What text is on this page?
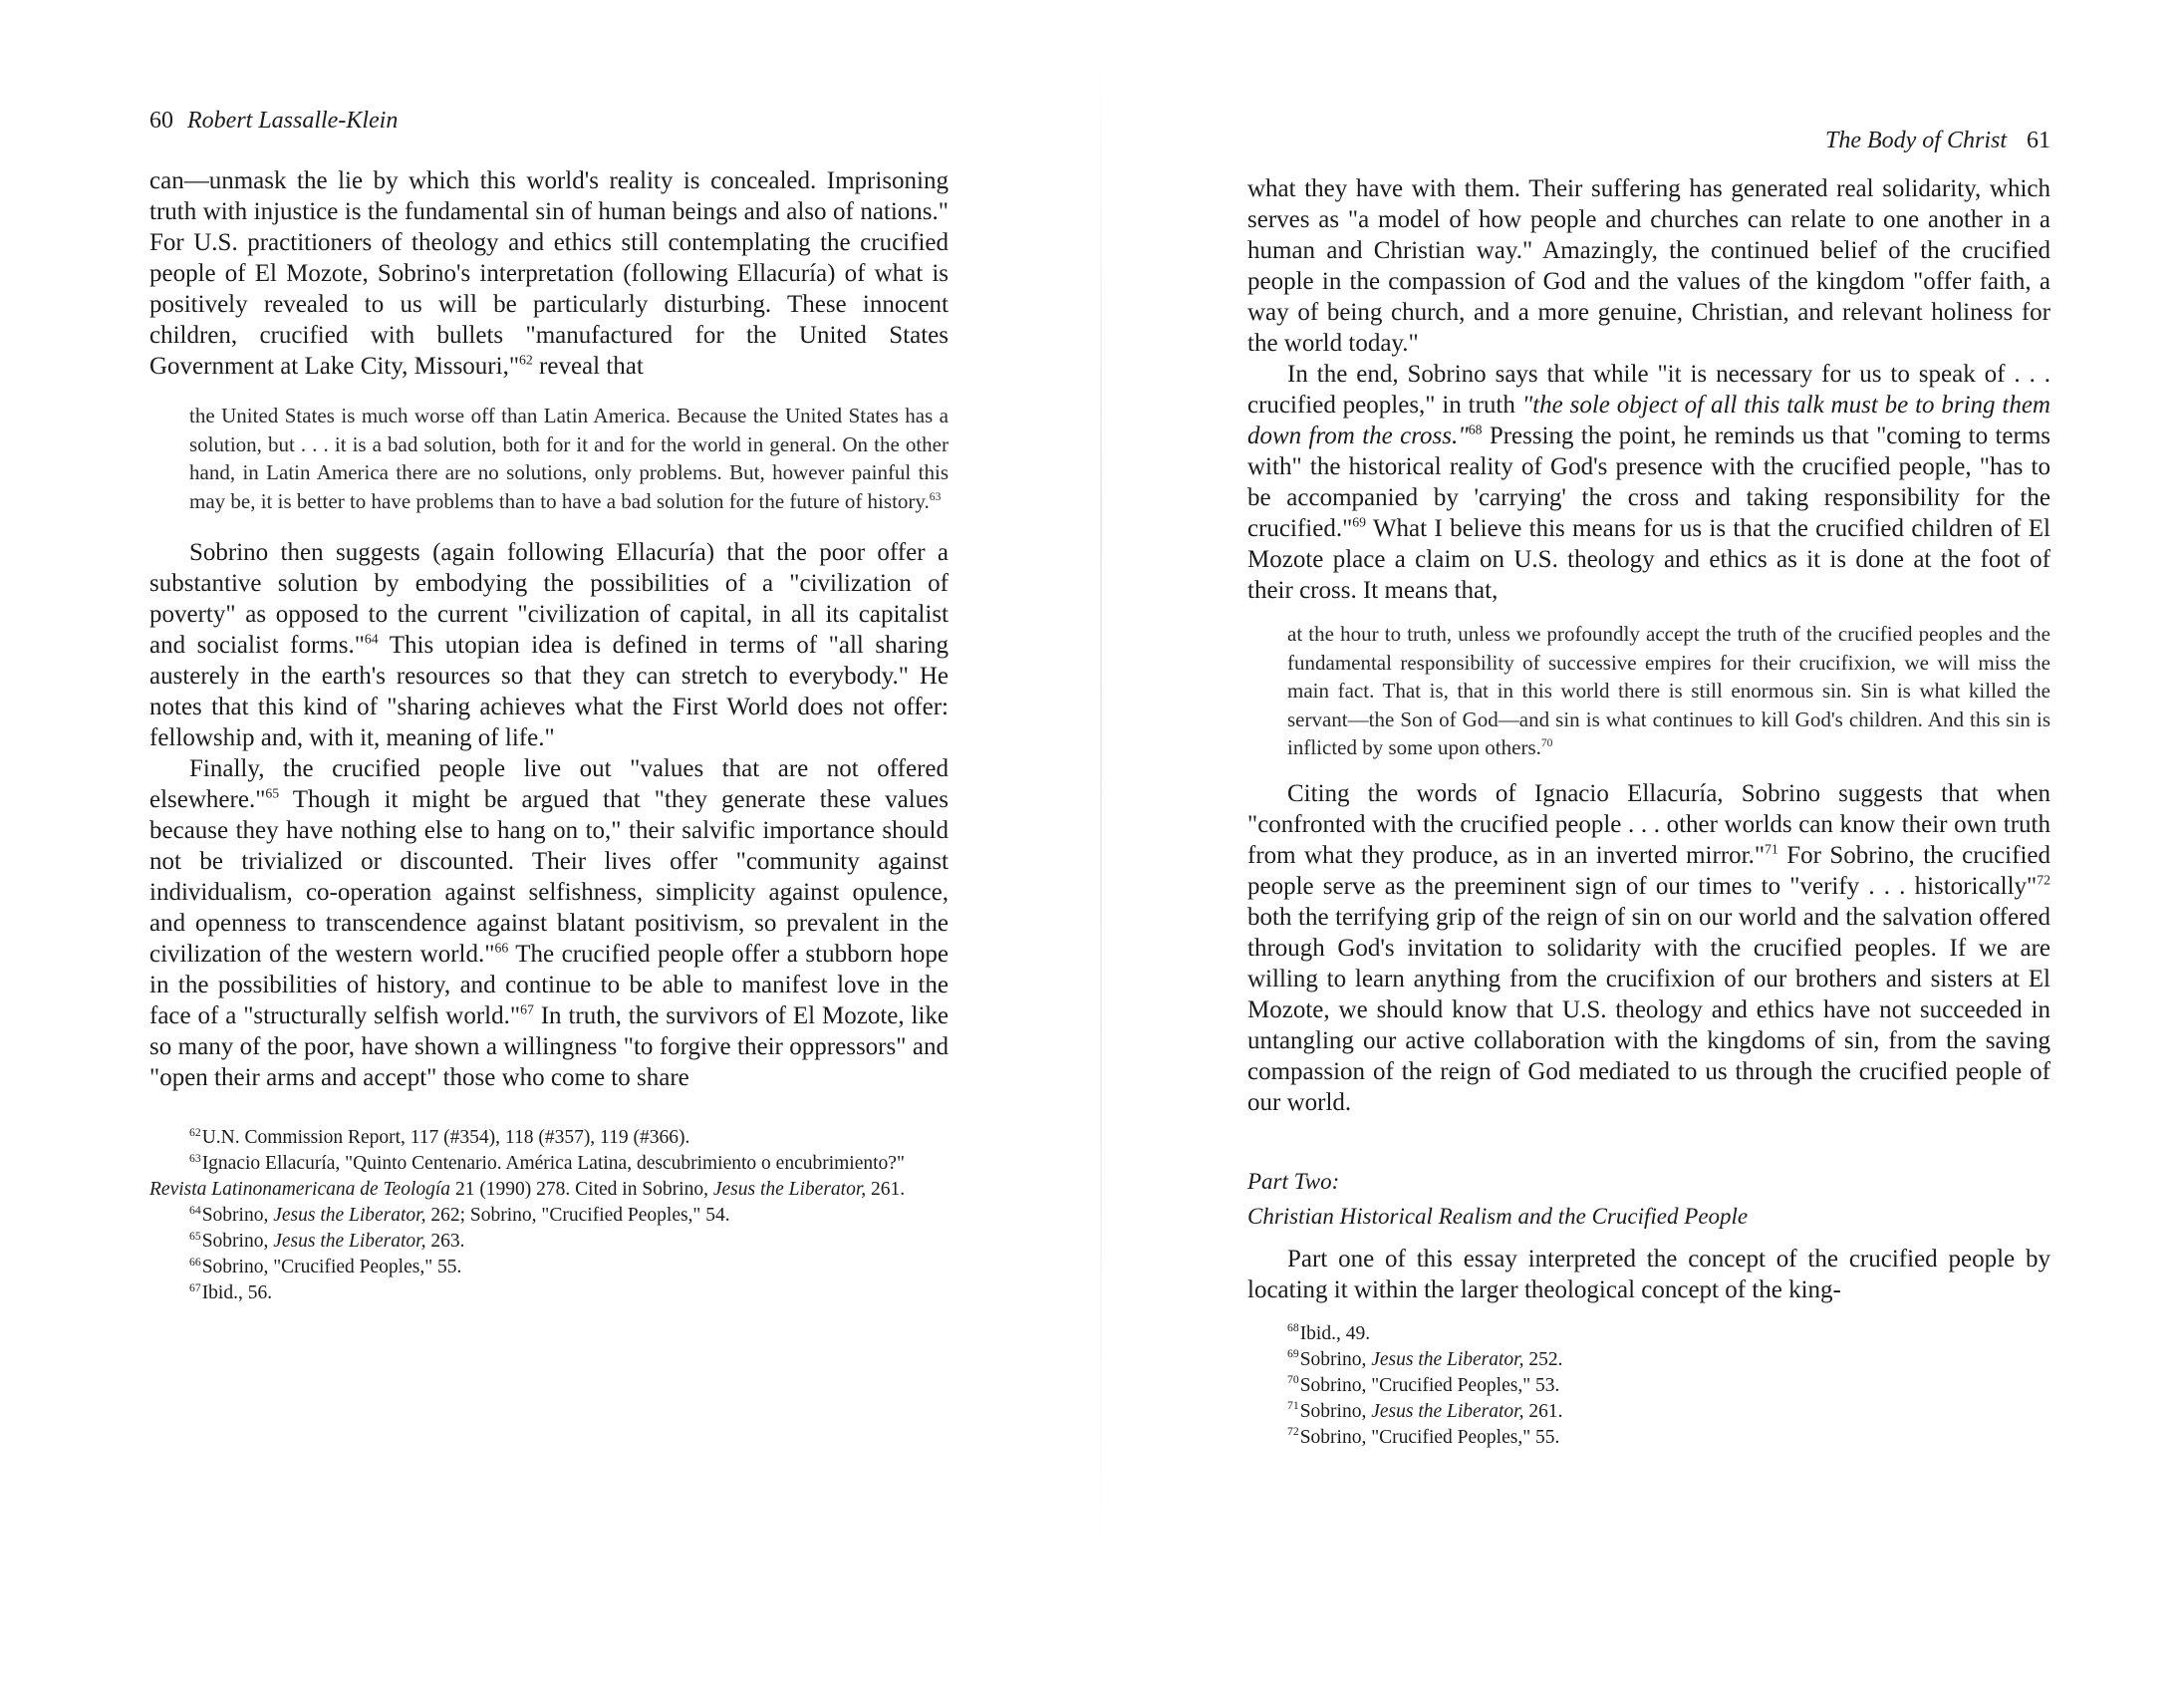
60 Robert Lassalle-Klein

can—unmask the lie by which this world's reality is concealed. Imprisoning truth with injustice is the fundamental sin of human beings and also of nations." For U.S. practitioners of theology and ethics still contemplating the crucified people of El Mozote, Sobrino's interpretation (following Ellacuría) of what is positively revealed to us will be particularly disturbing. These innocent children, crucified with bullets "manufactured for the United States Government at Lake City, Missouri,"$^{62}$ reveal that

the United States is much worse off than Latin America. Because the United States has a solution, but . . . it is a bad solution, both for it and for the world in general. On the other hand, in Latin America there are no solutions, only problems. But, however painful this may be, it is better to have problems than to have a bad solution for the future of history.$^{63}$

Sobrino then suggests (again following Ellacuría) that the poor offer a substantive solution by embodying the possibilities of a "civilization of poverty" as opposed to the current "civilization of capital, in all its capitalist and socialist forms."$^{64}$ This utopian idea is defined in terms of "all sharing austerely in the earth's resources so that they can stretch to everybody." He notes that this kind of "sharing achieves what the First World does not offer: fellowship and, with it, meaning of life."

Finally, the crucified people live out "values that are not offered elsewhere."$^{65}$ Though it might be argued that "they generate these values because they have nothing else to hang on to," their salvific importance should not be trivialized or discounted. Their lives offer "community against individualism, co-operation against selfishness, simplicity against opulence, and openness to transcendence against blatant positivism, so prevalent in the civilization of the western world."$^{66}$ The crucified people offer a stubborn hope in the possibilities of history, and continue to be able to manifest love in the face of a "structurally selfish world."$^{67}$ In truth, the survivors of El Mozote, like so many of the poor, have shown a willingness "to forgive their oppressors" and "open their arms and accept" those who come to share

$^{62}$U.N. Commission Report, 117 (#354), 118 (#357), 119 (#366).
$^{63}$Ignacio Ellacuría, "Quinto Centenario. América Latina, descubrimiento o encubrimiento?" Revista Latinonamericana de Teología 21 (1990) 278. Cited in Sobrino, Jesus the Liberator, 261.
$^{64}$Sobrino, Jesus the Liberator, 262; Sobrino, "Crucified Peoples," 54.
$^{65}$Sobrino, Jesus the Liberator, 263.
$^{66}$Sobrino, "Crucified Peoples," 55.
$^{67}$Ibid., 56.
The Body of Christ 61

what they have with them. Their suffering has generated real solidarity, which serves as "a model of how people and churches can relate to one another in a human and Christian way." Amazingly, the continued belief of the crucified people in the compassion of God and the values of the kingdom "offer faith, a way of being church, and a more genuine, Christian, and relevant holiness for the world today."

In the end, Sobrino says that while "it is necessary for us to speak of . . . crucified peoples," in truth "the sole object of all this talk must be to bring them down from the cross."$^{68}$ Pressing the point, he reminds us that "coming to terms with" the historical reality of God's presence with the crucified people, "has to be accompanied by 'carrying' the cross and taking responsibility for the crucified."$^{69}$ What I believe this means for us is that the crucified children of El Mozote place a claim on U.S. theology and ethics as it is done at the foot of their cross. It means that,

at the hour to truth, unless we profoundly accept the truth of the crucified peoples and the fundamental responsibility of successive empires for their crucifixion, we will miss the main fact. That is, that in this world there is still enormous sin. Sin is what killed the servant—the Son of God—and sin is what continues to kill God's children. And this sin is inflicted by some upon others.$^{70}$

Citing the words of Ignacio Ellacuría, Sobrino suggests that when "confronted with the crucified people . . . other worlds can know their own truth from what they produce, as in an inverted mirror."$^{71}$ For Sobrino, the crucified people serve as the preeminent sign of our times to "verify . . . historically"$^{72}$ both the terrifying grip of the reign of sin on our world and the salvation offered through God's invitation to solidarity with the crucified peoples. If we are willing to learn anything from the crucifixion of our brothers and sisters at El Mozote, we should know that U.S. theology and ethics have not succeeded in untangling our active collaboration with the kingdoms of sin, from the saving compassion of the reign of God mediated to us through the crucified people of our world.

Part Two:
Christian Historical Realism and the Crucified People

Part one of this essay interpreted the concept of the crucified people by locating it within the larger theological concept of the king-

$^{68}$Ibid., 49.
$^{69}$Sobrino, Jesus the Liberator, 252.
$^{70}$Sobrino, "Crucified Peoples," 53.
$^{71}$Sobrino, Jesus the Liberator, 261.
$^{72}$Sobrino, "Crucified Peoples," 55.
